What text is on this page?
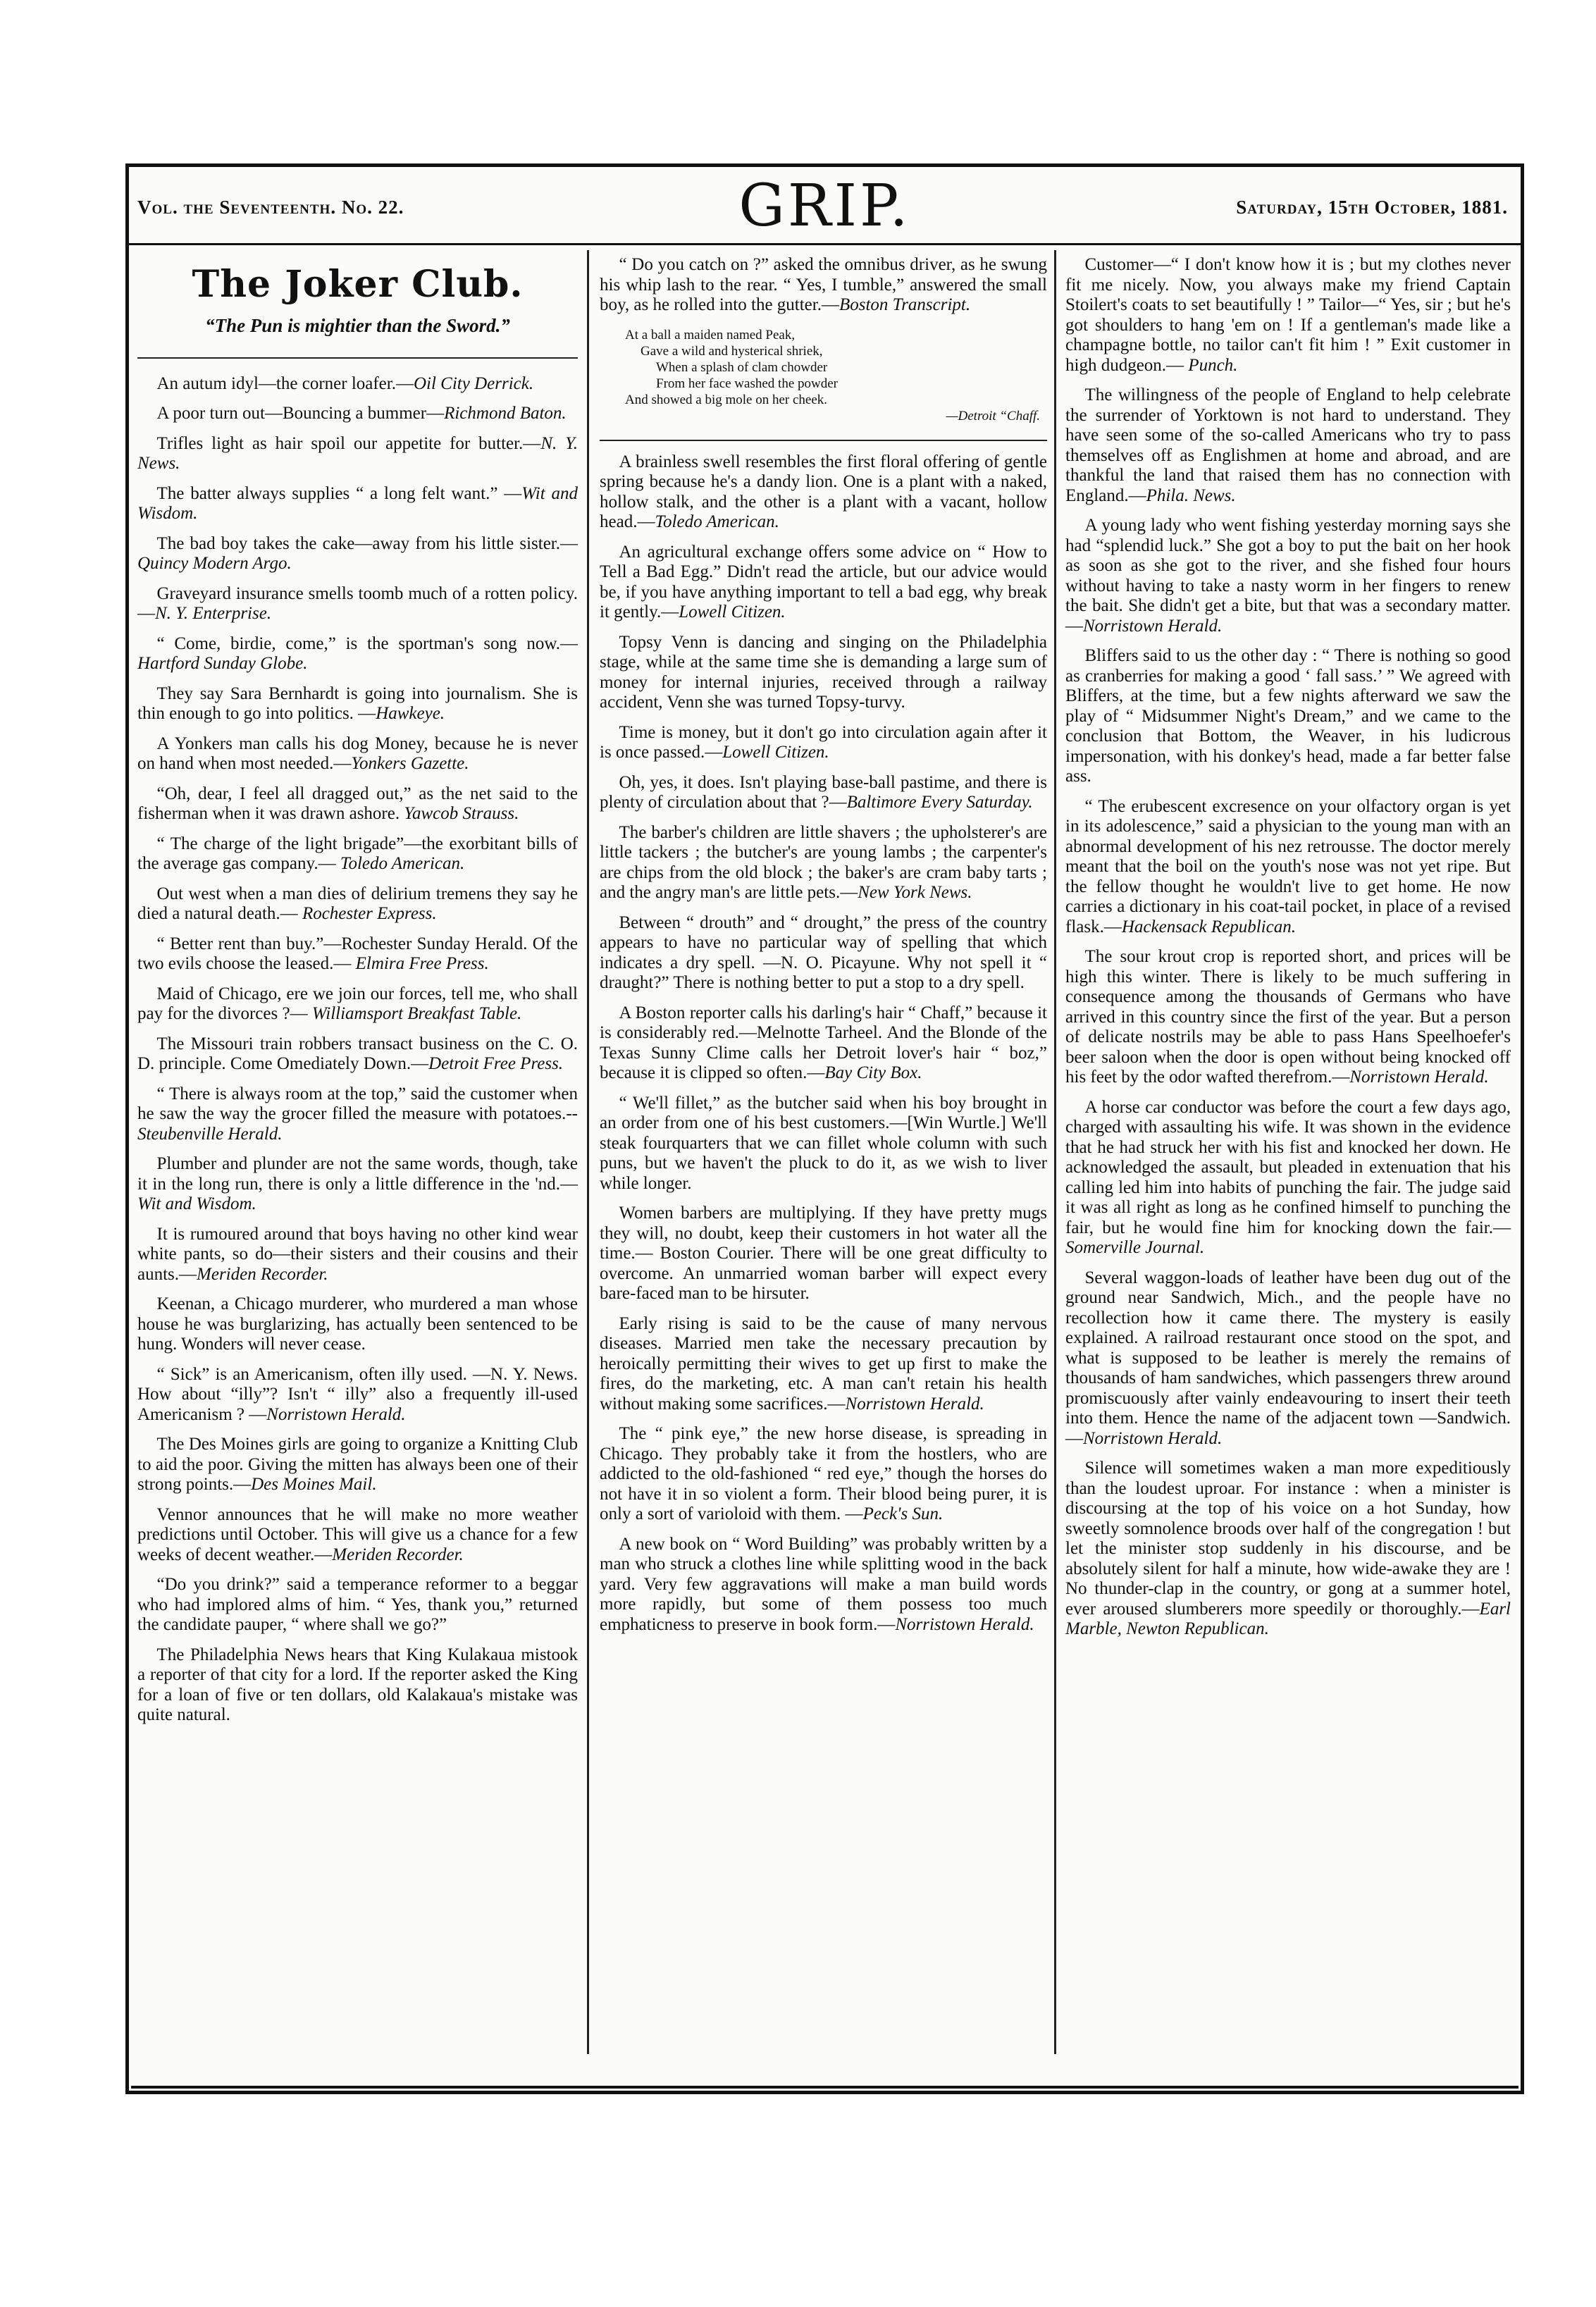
Vol. the Seventeenth. No. 22.	GRIP.	Saturday, 15th October, 1881.
The Joker Club.
“The Pun is mightier than the Sword.”

An autum idyl—the corner loafer.—Oil City Derrick.

A poor turn out—Bouncing a bummer—Richmond Baton.

Trifles light as hair spoil our appetite for butter.—N. Y. News.

The batter always supplies “ a long felt want.” —Wit and Wisdom.

The bad boy takes the cake—away from his little sister.—Quincy Modern Argo.

Graveyard insurance smells toomb much of a rotten policy.—N. Y. Enterprise.

“ Come, birdie, come,” is the sportman's song now.—Hartford Sunday Globe.

They say Sara Bernhardt is going into journalism. She is thin enough to go into politics. —Hawkeye.

A Yonkers man calls his dog Money, because he is never on hand when most needed.—Yonkers Gazette.

“Oh, dear, I feel all dragged out,” as the net said to the fisherman when it was drawn ashore. Yawcob Strauss.

“ The charge of the light brigade”—the exorbitant bills of the average gas company.— Toledo American.

Out west when a man dies of delirium tremens they say he died a natural death.— Rochester Express.

“ Better rent than buy.”—Rochester Sunday Herald. Of the two evils choose the leased.— Elmira Free Press.

Maid of Chicago, ere we join our forces, tell me, who shall pay for the divorces ?— Williamsport Breakfast Table.

The Missouri train robbers transact business on the C. O. D. principle. Come Omediately Down.—Detroit Free Press.

“ There is always room at the top,” said the customer when he saw the way the grocer filled the measure with potatoes.--Steubenville Herald.

Plumber and plunder are not the same words, though, take it in the long run, there is only a little difference in the 'nd.—Wit and Wisdom.

It is rumoured around that boys having no other kind wear white pants, so do—their sisters and their cousins and their aunts.—Meriden Recorder.

Keenan, a Chicago murderer, who murdered a man whose house he was burglarizing, has actually been sentenced to be hung. Wonders will never cease.

“ Sick” is an Americanism, often illy used. —N. Y. News. How about “illy”? Isn't “ illy” also a frequently ill-used Americanism ? —Norristown Herald.

The Des Moines girls are going to organize a Knitting Club to aid the poor. Giving the mitten has always been one of their strong points.—Des Moines Mail.

Vennor announces that he will make no more weather predictions until October. This will give us a chance for a few weeks of decent weather.—Meriden Recorder.

“Do you drink?” said a temperance reformer to a beggar who had implored alms of him. “ Yes, thank you,” returned the candidate pauper, “ where shall we go?”

The Philadelphia News hears that King Kulakaua mistook a reporter of that city for a lord. If the reporter asked the King for a loan of five or ten dollars, old Kalakaua's mistake was quite natural.

“ Do you catch on ?” asked the omnibus driver, as he swung his whip lash to the rear. “ Yes, I tumble,” answered the small boy, as he rolled into the gutter.—Boston Transcript.

At a ball a maiden named Peak,
Gave a wild and hysterical shriek,
When a splash of clam chowder
From her face washed the powder
And showed a big mole on her cheek.
—Detroit “Chaff.

A brainless swell resembles the first floral offering of gentle spring because he's a dandy lion. One is a plant with a naked, hollow stalk, and the other is a plant with a vacant, hollow head.—Toledo American.

An agricultural exchange offers some advice on “ How to Tell a Bad Egg.” Didn't read the article, but our advice would be, if you have anything important to tell a bad egg, why break it gently.—Lowell Citizen.

Topsy Venn is dancing and singing on the Philadelphia stage, while at the same time she is demanding a large sum of money for internal injuries, received through a railway accident, Venn she was turned Topsy-turvy.

Time is money, but it don't go into circulation again after it is once passed.—Lowell Citizen.

Oh, yes, it does. Isn't playing base-ball pastime, and there is plenty of circulation about that ?—Baltimore Every Saturday.

The barber's children are little shavers ; the upholsterer's are little tackers ; the butcher's are young lambs ; the carpenter's are chips from the old block ; the baker's are cram baby tarts ; and the angry man's are little pets.—New York News.

Between “ drouth” and “ drought,” the press of the country appears to have no particular way of spelling that which indicates a dry spell. —N. O. Picayune. Why not spell it “ draught?” There is nothing better to put a stop to a dry spell.

A Boston reporter calls his darling's hair “ Chaff,” because it is considerably red.—Melnotte Tarheel. And the Blonde of the Texas Sunny Clime calls her Detroit lover's hair “ boz,” because it is clipped so often.—Bay City Box.

“ We'll fillet,” as the butcher said when his boy brought in an order from one of his best customers.—[Win Wurtle.] We'll steak fourquarters that we can fillet whole column with such puns, but we haven't the pluck to do it, as we wish to liver while longer.

Women barbers are multiplying. If they have pretty mugs they will, no doubt, keep their customers in hot water all the time.— Boston Courier. There will be one great difficulty to overcome. An unmarried woman barber will expect every bare-faced man to be hirsuter.

Early rising is said to be the cause of many nervous diseases. Married men take the necessary precaution by heroically permitting their wives to get up first to make the fires, do the marketing, etc. A man can't retain his health without making some sacrifices.—Norristown Herald.

The “ pink eye,” the new horse disease, is spreading in Chicago. They probably take it from the hostlers, who are addicted to the old-fashioned “ red eye,” though the horses do not have it in so violent a form. Their blood being purer, it is only a sort of varioloid with them. —Peck's Sun.

A new book on “ Word Building” was probably written by a man who struck a clothes line while splitting wood in the back yard. Very few aggravations will make a man build words more rapidly, but some of them possess too much emphaticness to preserve in book form.—Norristown Herald.

Customer—“ I don't know how it is ; but my clothes never fit me nicely. Now, you always make my friend Captain Stoilert's coats to set beautifully ! ” Tailor—“ Yes, sir ; but he's got shoulders to hang 'em on ! If a gentleman's made like a champagne bottle, no tailor can't fit him ! ” Exit customer in high dudgeon.— Punch.

The willingness of the people of England to help celebrate the surrender of Yorktown is not hard to understand. They have seen some of the so-called Americans who try to pass themselves off as Englishmen at home and abroad, and are thankful the land that raised them has no connection with England.—Phila. News.

A young lady who went fishing yesterday morning says she had “splendid luck.” She got a boy to put the bait on her hook as soon as she got to the river, and she fished four hours without having to take a nasty worm in her fingers to renew the bait. She didn't get a bite, but that was a secondary matter.—Norristown Herald.

Bliffers said to us the other day : “ There is nothing so good as cranberries for making a good ‘ fall sass.’ ” We agreed with Bliffers, at the time, but a few nights afterward we saw the play of “ Midsummer Night's Dream,” and we came to the conclusion that Bottom, the Weaver, in his ludicrous impersonation, with his donkey's head, made a far better false ass.

“ The erubescent excresence on your olfactory organ is yet in its adolescence,” said a physician to the young man with an abnormal development of his nez retrousse. The doctor merely meant that the boil on the youth's nose was not yet ripe. But the fellow thought he wouldn't live to get home. He now carries a dictionary in his coat-tail pocket, in place of a revised flask.—Hackensack Republican.

The sour krout crop is reported short, and prices will be high this winter. There is likely to be much suffering in consequence among the thousands of Germans who have arrived in this country since the first of the year. But a person of delicate nostrils may be able to pass Hans Speelhoefer's beer saloon when the door is open without being knocked off his feet by the odor wafted therefrom.—Norristown Herald.

A horse car conductor was before the court a few days ago, charged with assaulting his wife. It was shown in the evidence that he had struck her with his fist and knocked her down. He acknowledged the assault, but pleaded in extenuation that his calling led him into habits of punching the fair. The judge said it was all right as long as he confined himself to punching the fair, but he would fine him for knocking down the fair.—Somerville Journal.

Several waggon-loads of leather have been dug out of the ground near Sandwich, Mich., and the people have no recollection how it came there. The mystery is easily explained. A railroad restaurant once stood on the spot, and what is supposed to be leather is merely the remains of thousands of ham sandwiches, which passengers threw around promiscuously after vainly endeavouring to insert their teeth into them. Hence the name of the adjacent town —Sandwich.—Norristown Herald.

Silence will sometimes waken a man more expeditiously than the loudest uproar. For instance : when a minister is discoursing at the top of his voice on a hot Sunday, how sweetly somnolence broods over half of the congregation ! but let the minister stop suddenly in his discourse, and be absolutely silent for half a minute, how wide-awake they are ! No thunder-clap in the country, or gong at a summer hotel, ever aroused slumberers more speedily or thoroughly.—Earl Marble, Newton Republican.
